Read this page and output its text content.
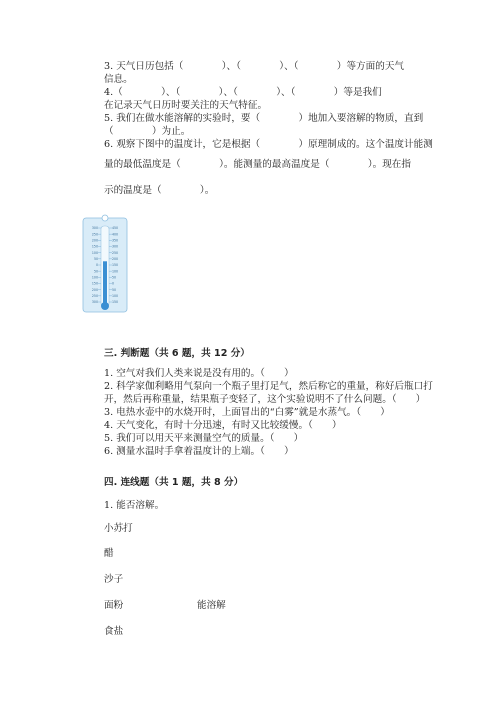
3. 天气日历包括（　　　　）、（　　　　）、（　　　　）等方面的天气
信息。
4.（　　　　）、（　　　　）、（　　　　）、（　　　　）等是我们
在记录天气日历时要关注的天气特征。
5. 我们在做水能溶解的实验时，要（　　　　）地加入要溶解的物质，直到
（　　　　）为止。
6. 观察下图中的温度计，它是根据（　　　　）原理制成的。这个温度计能测
量的最低温度是（　　　　）。能测量的最高温度是（　　　　）。现在指
示的温度是（　　　　）。
300
250
200
150
100
50
0
50
100
150
200
250
300
450
400
350
300
250
200
150
100
50
0
50
100
150
三. 判断题（共 6 题，共 12 分）
1. 空气对我们人类来说是没有用的。（　　）
2. 科学家伽利略用气泵向一个瓶子里打足气，然后称它的重量，称好后瓶口打
开，然后再称重量，结果瓶子变轻了，这个实验说明不了什么问题。（　　）
3. 电热水壶中的水烧开时，上面冒出的“白雾”就是水蒸气。（　　）
4. 天气变化，有时十分迅速，有时又比较缓慢。（　　）
5. 我们可以用天平来测量空气的质量。（　　）
6. 测量水温时手拿着温度计的上端。（　　）
四. 连线题（共 1 题，共 8 分）
1. 能否溶解。
小苏打
醋
沙子
面粉
食盐
能溶解
